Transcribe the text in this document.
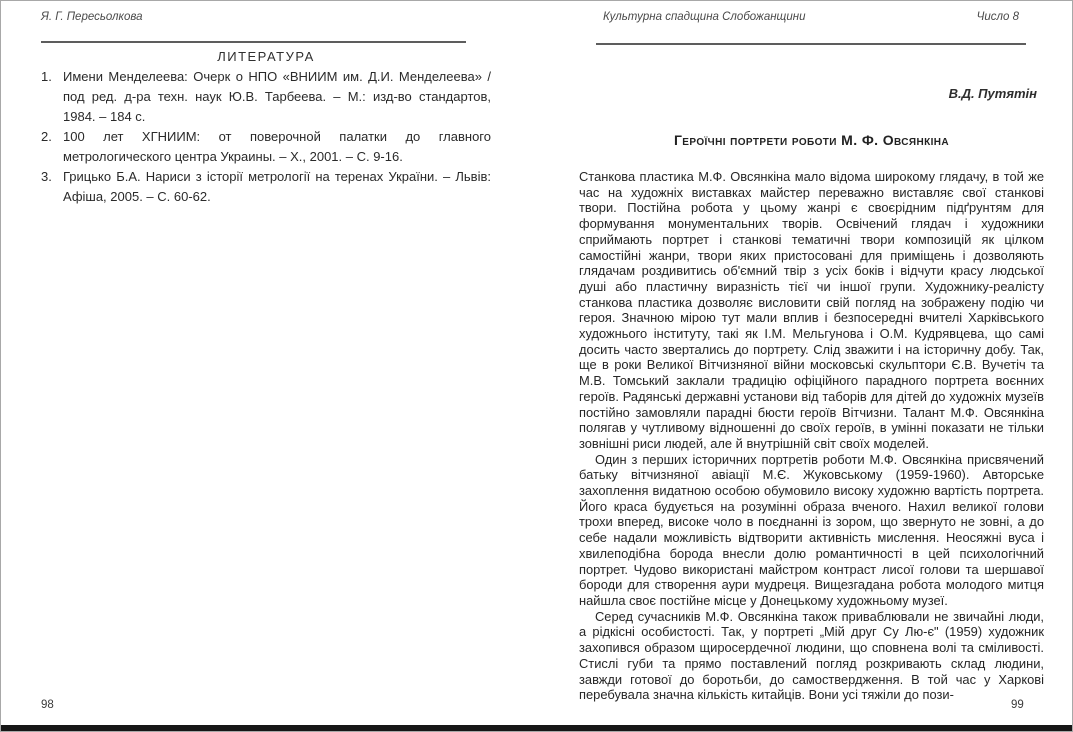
Я. Г. Пересьолкова
ЛИТЕРАТУРА
1. Имени Менделеева: Очерк о НПО «ВНИИМ им. Д.И. Менделеева» / под ред. д-ра техн. наук Ю.В. Тарбеева. – М.: изд-во стандартов, 1984. – 184 с.
2. 100 лет ХГНИИМ: от поверочной палатки до главного метрологического центра Украины. – Х., 2001. – С. 9-16.
3. Грицько Б.А. Нариси з історії метрології на теренах України. – Львів: Афіша, 2005. – С. 60-62.
98
Культурна спадщина Слобожанщини	Число 8
В.Д. Путятін
Героїчні портрети роботи М. Ф. Овсянкіна

Станкова пластика М.Ф. Овсянкіна мало відома широкому глядачу, в той же час на художніх виставках майстер переважно виставляє свої станкові твори. Постійна робота у цьому жанрі є своєрідним підґрунтям для формування монументальних творів. Освічений глядач і художники сприймають портрет і станкові тематичні твори композицій як цілком самостійні жанри, твори яких пристосовані для приміщень і дозволяють глядачам роздивитись об'ємний твір з усіх боків і відчути красу людської душі або пластичну виразність тієї чи іншої групи. Художнику-реалісту станкова пластика дозволяє висловити свій погляд на зображену подію чи героя. Значною мірою тут мали вплив і безпосередні вчителі Харківського художнього інституту, такі як І.М. Мельгунова і О.М. Кудрявцева, що самі досить часто звертались до портрету. Слід зважити і на історичну добу. Так, ще в роки Великої Вітчизняної війни московські скульптори Є.В. Вучетіч та М.В. Томський заклали традицію офіційного парадного портрета воєнних героїв. Радянські державні установи від таборів для дітей до художніх музеїв постійно замовляли парадні бюсти героїв Вітчизни. Талант М.Ф. Овсянкіна полягав у чутливому відношенні до своїх героїв, в умінні показати не тільки зовнішні риси людей, але й внутрішній світ своїх моделей.

Один з перших історичних портретів роботи М.Ф. Овсянкіна присвячений батьку вітчизняної авіації М.Є. Жуковському (1959-1960). Авторське захоплення видатною особою обумовило високу художню вартість портрета. Його краса будується на розумінні образа вченого. Нахил великої голови трохи вперед, високе чоло в поєднанні із зором, що звернуто не зовні, а до себе надали можливість відтворити активність мислення. Неосяжні вуса і хвилеподібна борода внесли долю романтичності в цей психологічний портрет. Чудово використані майстром контраст лисої голови та шершавої бороди для створення аури мудреця. Вищезгадана робота молодого митця найшла своє постійне місце у Донецькому художньому музеї.

Серед сучасників М.Ф. Овсянкіна також приваблювали не звичайні люди, а рідкісні особистості. Так, у портреті „Мій друг Су Лю-є" (1959) художник захопився образом щиросердечної людини, що сповнена волі та сміливості. Стислі губи та прямо поставлений погляд розкривають склад людини, завжди готової до боротьби, до самоствердження. В той час у Харкові перебувала значна кількість китайців. Вони усі тяжіли до пози-

99
